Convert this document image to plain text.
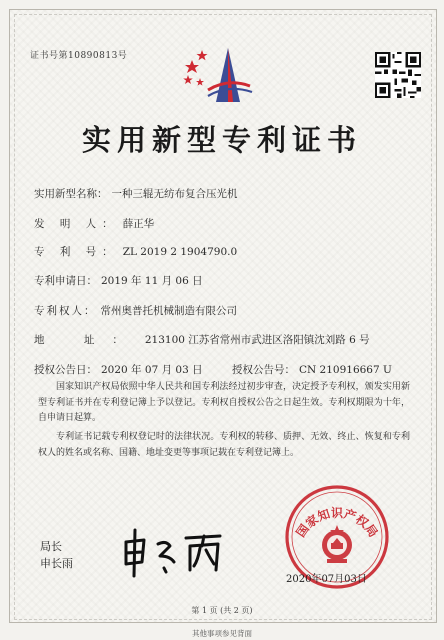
证书号第10890813号
实用新型专利证书
实用新型名称： 一种三辊无纺布复合压光机
发 明 人： 薛正华
专 利 号： ZL 2019 2 1904790.0
专利申请日： 2019 年 11 月 06 日
专利权人： 常州奥普托机械制造有限公司
地 址： 213100 江苏省常州市武进区洛阳镇沈刘路 6 号
授权公告日： 2020 年 07 月 03 日	授权公告号： CN 210916667 U
国家知识产权局依照中华人民共和国专利法经过初步审查，决定授予专利权，颁发实用新型专利证书并在专利登记簿上予以登记。专利权自授权公告之日起生效。专利权期限为十年，自申请日起算。
专利证书记载专利权登记时的法律状况。专利权的转移、质押、无效、终止、恢复和专利权人的姓名或名称、国籍、地址变更等事项记载在专利登记簿上。
局长
申长雨
国家知识产权局
2020年07月03日
第 1 页 (共 2 页)
其他事项参见背面
